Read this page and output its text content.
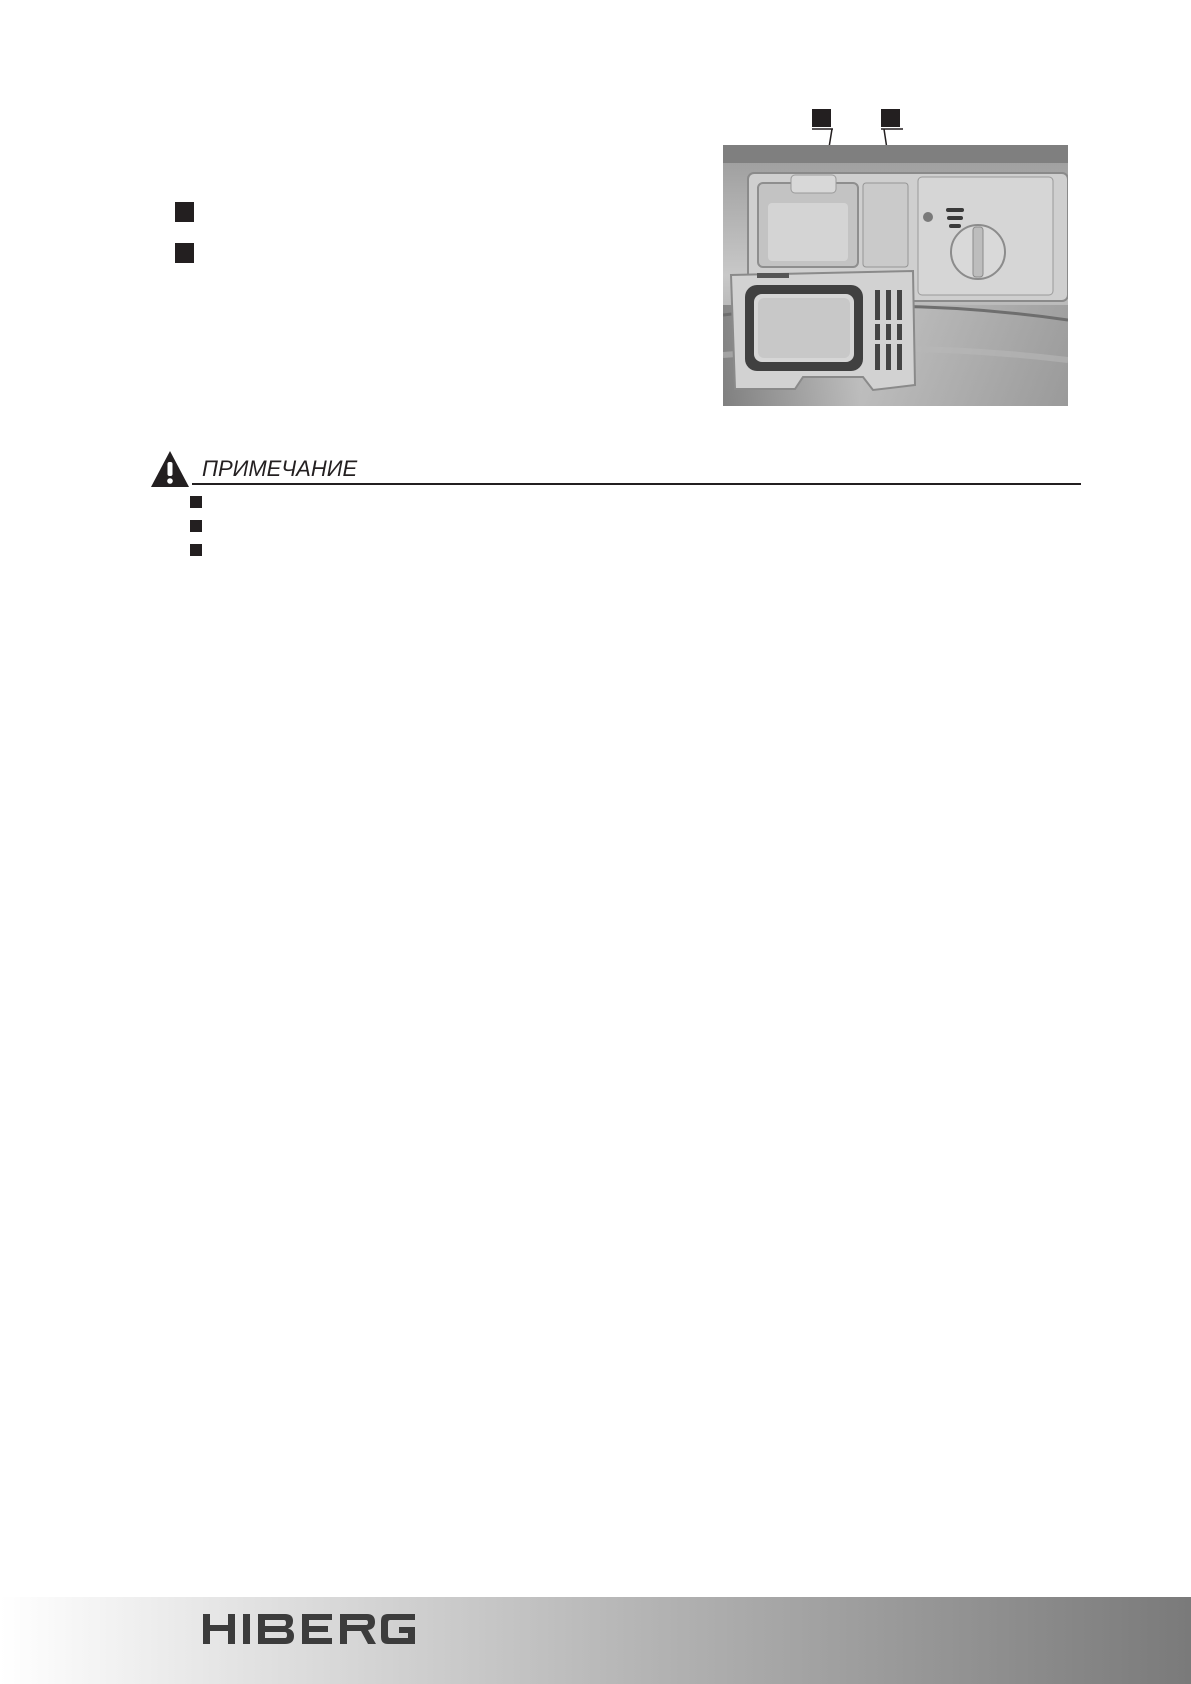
ПРИМЕЧАНИЕ
